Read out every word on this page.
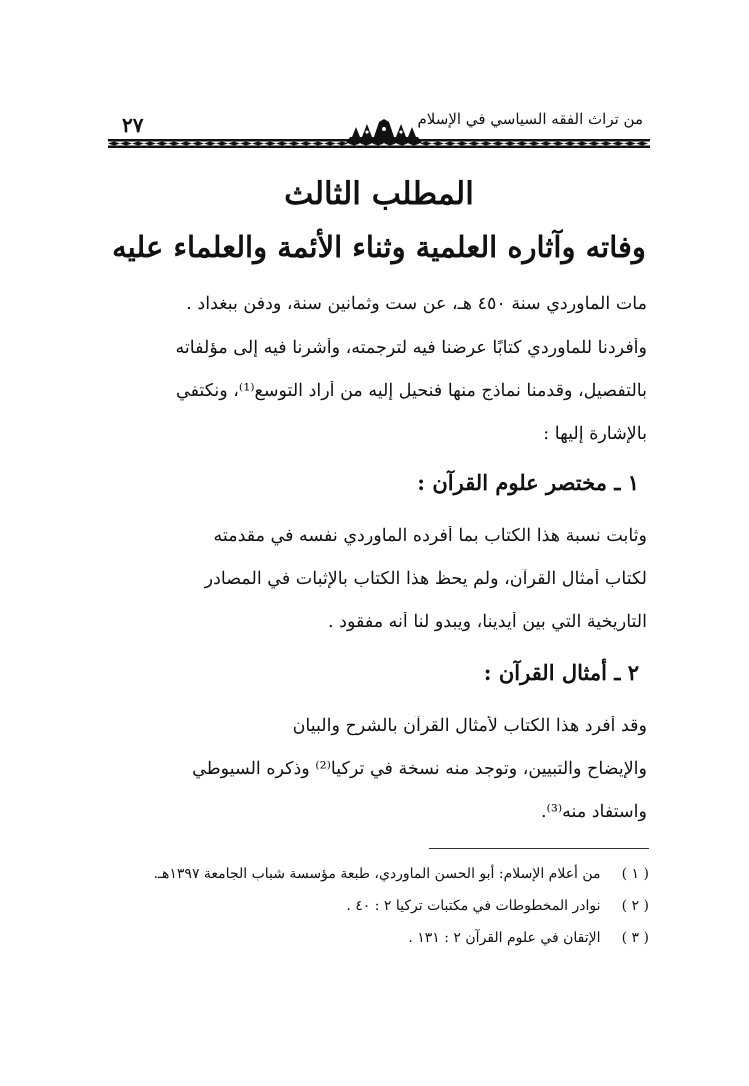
من تراث الفقه السياسي في الإسلام
٢٧
المطلب الثالث
وفاته وآثاره العلمية وثناء الأئمة والعلماء عليه
مات الماوردي سنة ٤٥٠ هـ، عن ست وثمانين سنة، ودفن ببغداد .
وأفردنا للماوردي كتابًا عرضنا فيه لترجمته، وأشرنا فيه إلى مؤلفاته
بالتفصيل، وقدمنا نماذج منها فنحيل إليه من أراد التوسع⁽¹⁾، ونكتفي
بالإشارة إليها :
١ ـ مختصر علوم القرآن :
وثابت نسبة هذا الكتاب بما أفرده الماوردي نفسه في مقدمته
لكتاب أمثال القرآن، ولم يحظ هذا الكتاب بالإثبات في المصادر
التاريخية التي بين أيدينا، ويبدو لنا أنه مفقود .
٢ ـ أمثال القرآن :
وقد أفرد هذا الكتاب لأمثال القرآن بالشرح والبيان
والإيضاح والتبيين، وتوجد منه نسخة في تركيا⁽²⁾ وذكره السيوطي
واستفاد منه⁽³⁾.
( ١ ) من أعلام الإسلام: أبو الحسن الماوردي، طبعة مؤسسة شباب الجامعة ١٣٩٧هـ.
( ٢ ) نوادر المخطوطات في مكتبات تركيا ٢ : ٤٠ .
( ٣ ) الإتقان في علوم القرآن ٢ : ١٣١ .
